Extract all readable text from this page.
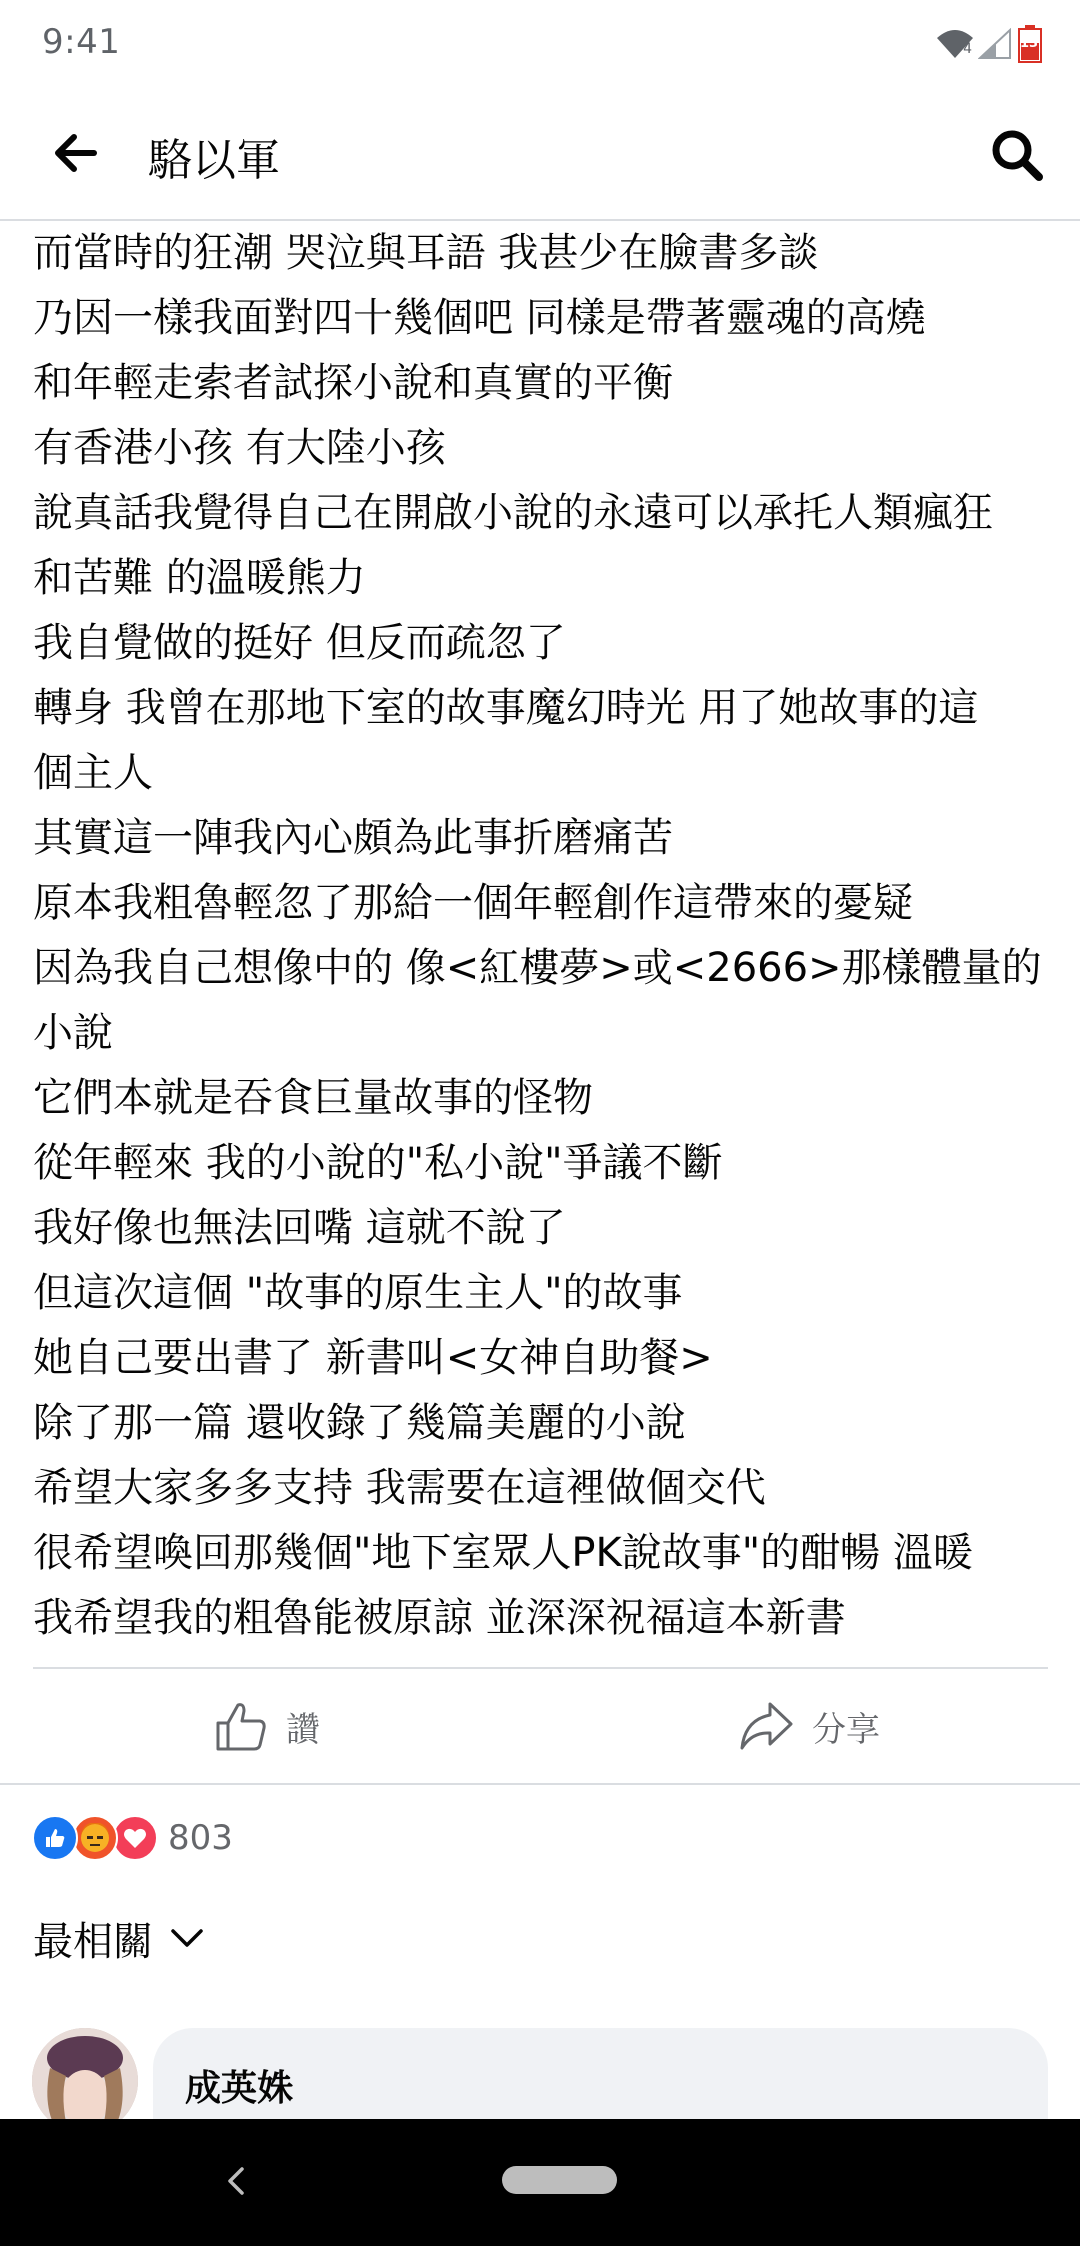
9:41	4	13
駱以軍
而當時的狂潮 哭泣與耳語 我甚少在臉書多談
乃因一樣我面對四十幾個吧 同樣是帶著靈魂的高燒
和年輕走索者試探小說和真實的平衡
有香港小孩 有大陸小孩
說真話我覺得自己在開啟小說的永遠可以承托人類瘋狂
和苦難 的溫暖熊力
我自覺做的挺好 但反而疏忽了
轉身 我曾在那地下室的故事魔幻時光 用了她故事的這
個主人
其實這一陣我內心頗為此事折磨痛苦
原本我粗魯輕忽了那給一個年輕創作這帶來的憂疑
因為我自己想像中的 像<紅樓夢>或<2666>那樣體量的
小說
它們本就是吞食巨量故事的怪物
從年輕來 我的小說的"私小說"爭議不斷
我好像也無法回嘴 這就不說了
但這次這個 "故事的原生主人"的故事
她自己要出書了 新書叫<女神自助餐>
除了那一篇 還收錄了幾篇美麗的小說
希望大家多多支持 我需要在這裡做個交代
很希望喚回那幾個"地下室眾人PK說故事"的酣暢 溫暖
我希望我的粗魯能被原諒 並深深祝福這本新書
讚	分享
803
最相關
成英姝
